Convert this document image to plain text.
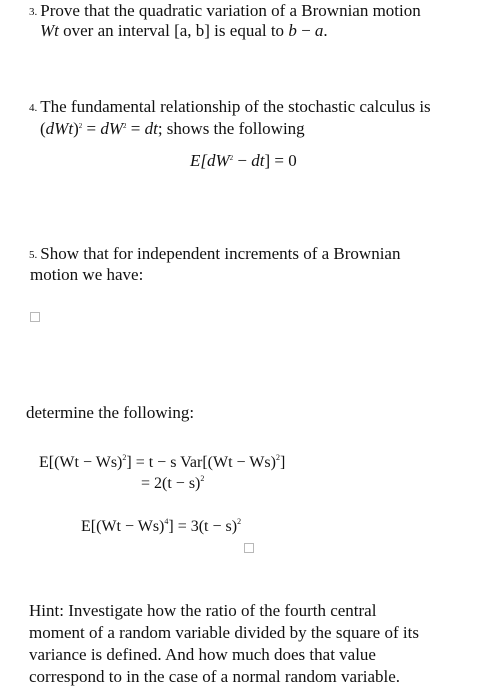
3. Prove that the quadratic variation of a Brownian motion
Wt over an interval [a, b] is equal to b − a.
4. The fundamental relationship of the stochastic calculus is
$(dWt)^2 = dW^2$ = dt; shows the following
$E[dW^2 - dt] = 0$
5. Show that for independent increments of a Brownian
motion we have:
determine the following:
$E[(Wt - Ws)^2] = t - s$ $Var[(Wt - Ws)^2]$
= $2(t - s)^2$
$E[(Wt - Ws)^4] = 3(t - s)^2$
Hint: Investigate how the ratio of the fourth central
moment of a random variable divided by the square of its
variance is defined. And how much does that value
correspond to in the case of a normal random variable.
